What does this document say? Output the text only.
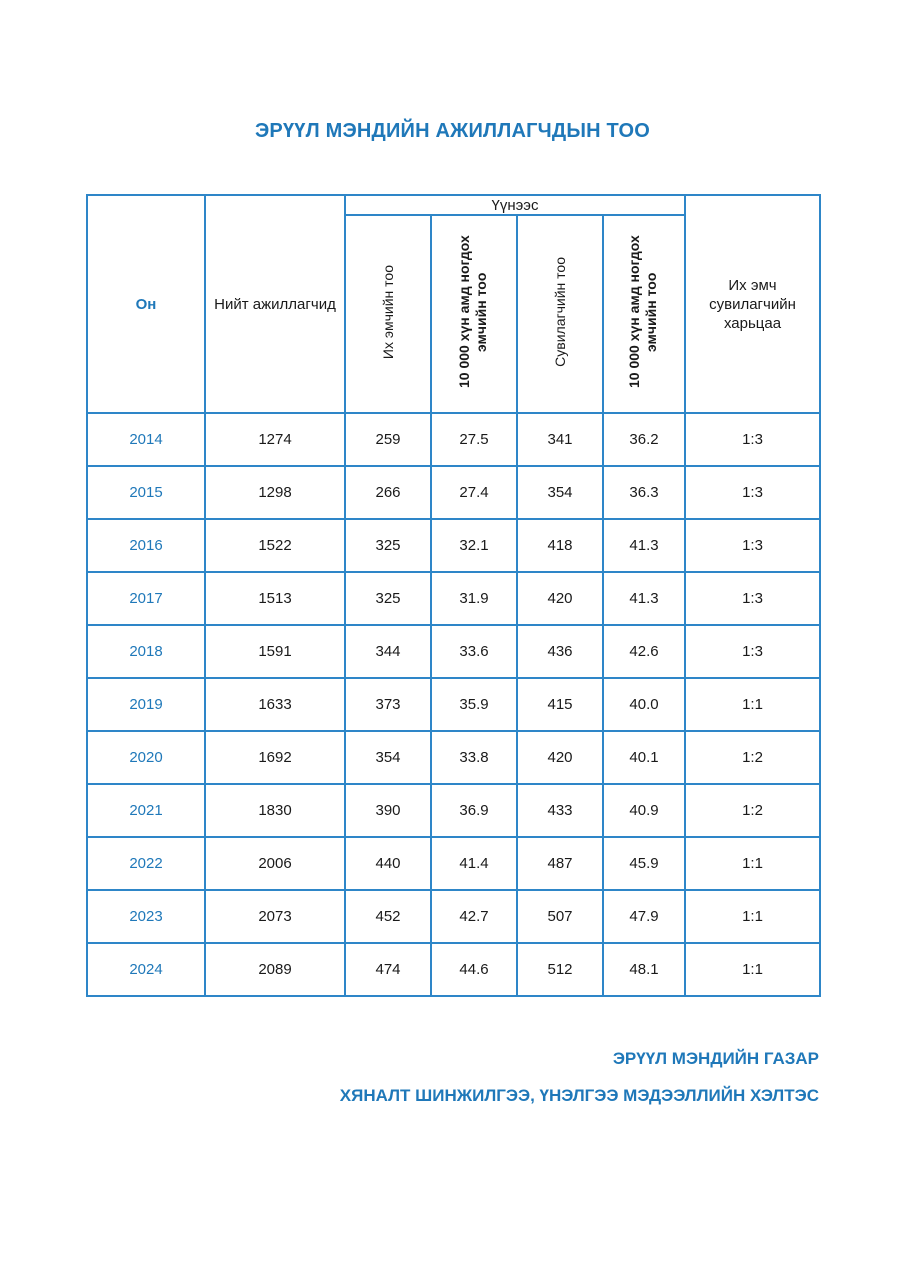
ЭРҮҮЛ МЭНДИЙН АЖИЛЛАГЧДЫН ТОО
Он	Нийт ажиллагчид	Үүнээс				Их эмч сувилагчийн харьцаа
		Их эмчийн тоо	10 000 хүн амд ногдох эмчийн тоо	Сувилагчийн тоо	10 000 хүн амд ногдох эмчийн тоо	
2014	1274	259	27.5	341	36.2	1:3
2015	1298	266	27.4	354	36.3	1:3
2016	1522	325	32.1	418	41.3	1:3
2017	1513	325	31.9	420	41.3	1:3
2018	1591	344	33.6	436	42.6	1:3
2019	1633	373	35.9	415	40.0	1:1
2020	1692	354	33.8	420	40.1	1:2
2021	1830	390	36.9	433	40.9	1:2
2022	2006	440	41.4	487	45.9	1:1
2023	2073	452	42.7	507	47.9	1:1
2024	2089	474	44.6	512	48.1	1:1
ЭРҮҮЛ МЭНДИЙН ГАЗАР
ХЯНАЛТ ШИНЖИЛГЭЭ, ҮНЭЛГЭЭ МЭДЭЭЛЛИЙН ХЭЛТЭС
